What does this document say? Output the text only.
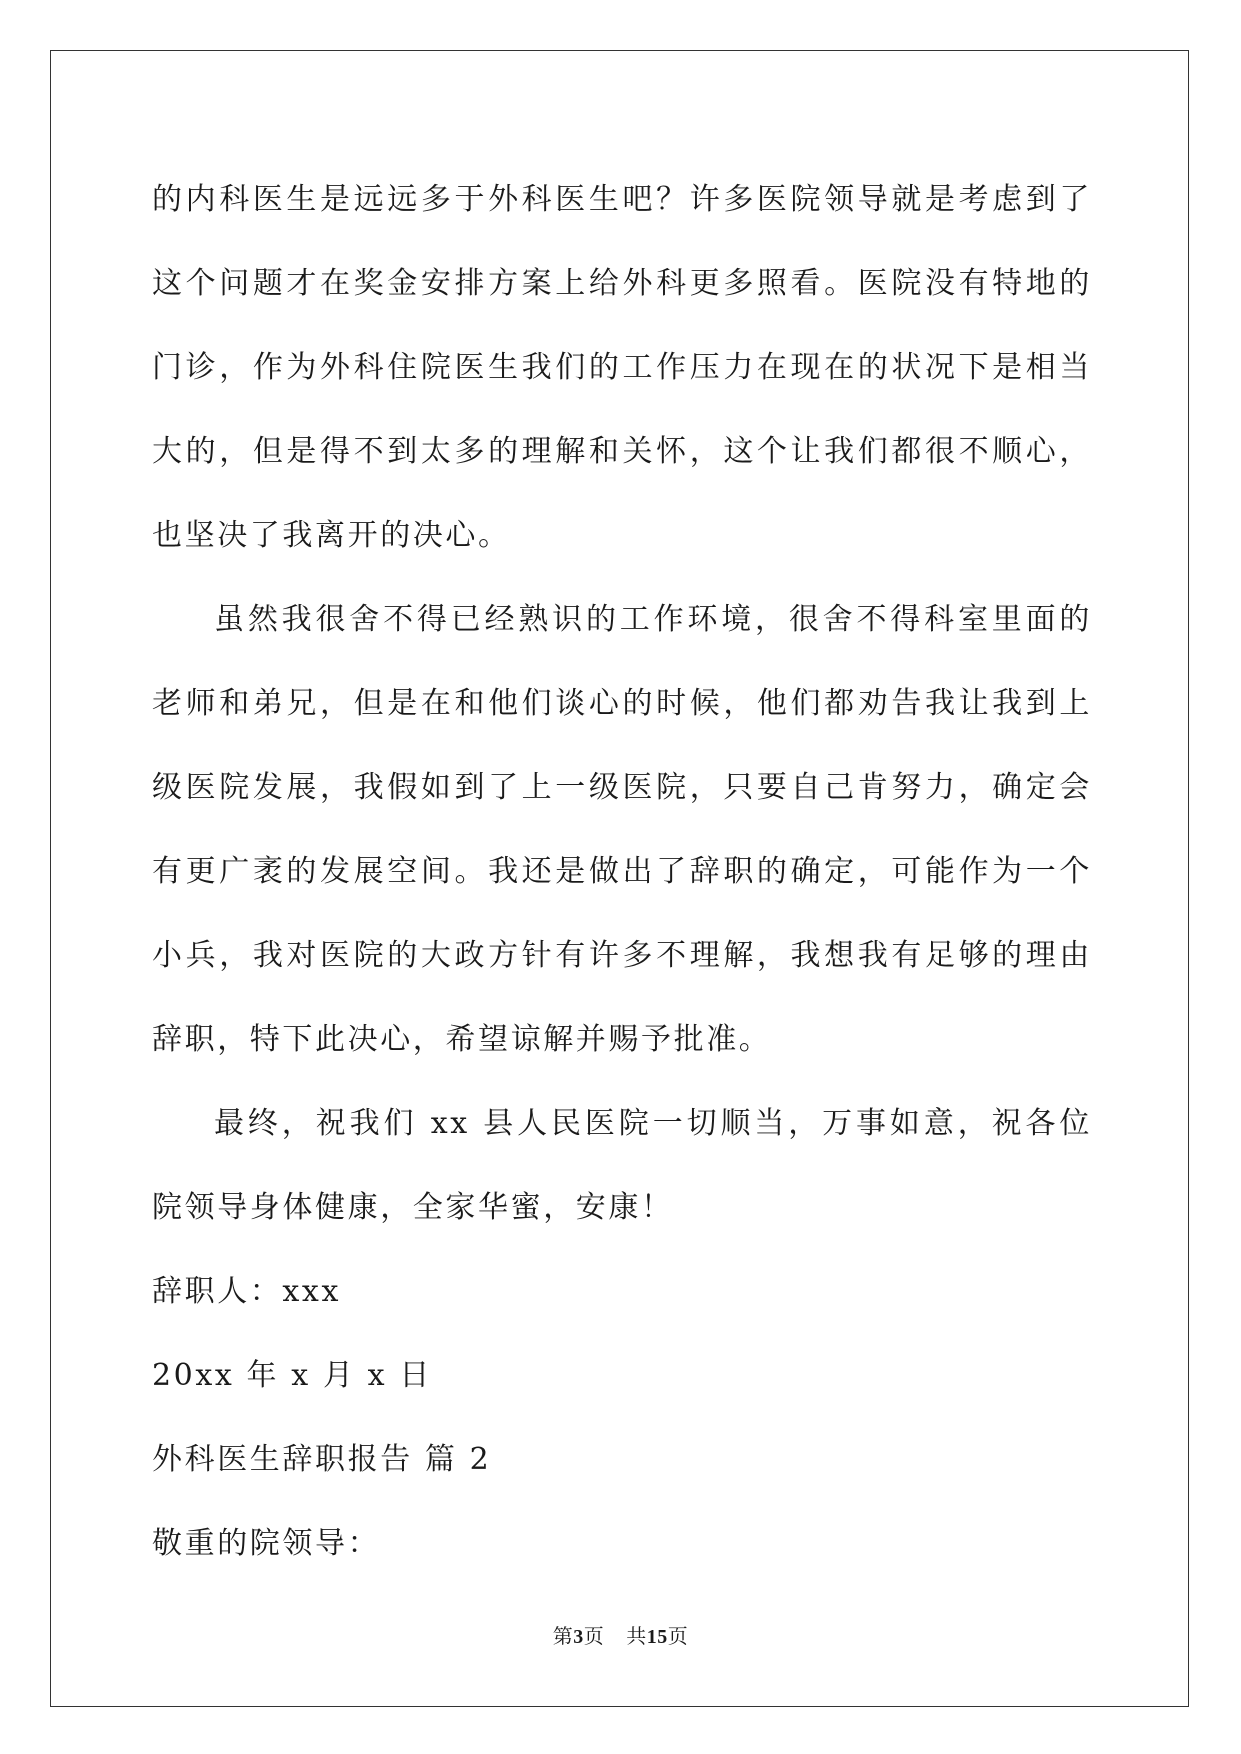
的内科医生是远远多于外科医生吧？许多医院领导就是考虑到了这个问题才在奖金安排方案上给外科更多照看。医院没有特地的门诊，作为外科住院医生我们的工作压力在现在的状况下是相当大的，但是得不到太多的理解和关怀，这个让我们都很不顺心，也坚决了我离开的决心。

虽然我很舍不得已经熟识的工作环境，很舍不得科室里面的老师和弟兄，但是在和他们谈心的时候，他们都劝告我让我到上级医院发展，我假如到了上一级医院，只要自己肯努力，确定会有更广袤的发展空间。我还是做出了辞职的确定，可能作为一个小兵，我对医院的大政方针有许多不理解，我想我有足够的理由辞职，特下此决心，希望谅解并赐予批准。

最终，祝我们 xx 县人民医院一切顺当，万事如意，祝各位院领导身体健康，全家华蜜，安康！

辞职人：xxx

20xx 年 x 月 x 日

外科医生辞职报告 篇 2

敬重的院领导：

第3页 共15页
